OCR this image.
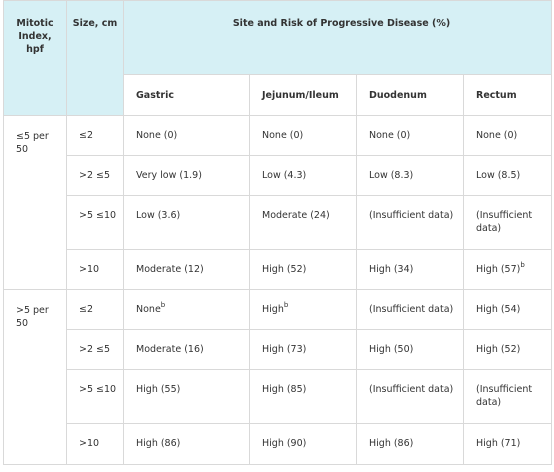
Mitotic Index, hpf	Size, cm	Site and Risk of Progressive Disease (%)			
		Gastric	Jejunum/Ileum	Duodenum	Rectum
≤5 per 50	≤2	None (0)	None (0)	None (0)	None (0)
	>2 ≤5	Very low (1.9)	Low (4.3)	Low (8.3)	Low (8.5)
	>5 ≤10	Low (3.6)	Moderate (24)	(Insufficient data)	(Insufficient data)
	>10	Moderate (12)	High (52)	High (34)	High $(57)^b$
>5 per 50	≤2	None$^b$	High$^b$	(Insufficient data)	High (54)
	>2 ≤5	Moderate (16)	High (73)	High (50)	High (52)
	>5 ≤10	High (55)	High (85)	(Insufficient data)	(Insufficient data)
	>10	High (86)	High (90)	High (86)	High (71)
